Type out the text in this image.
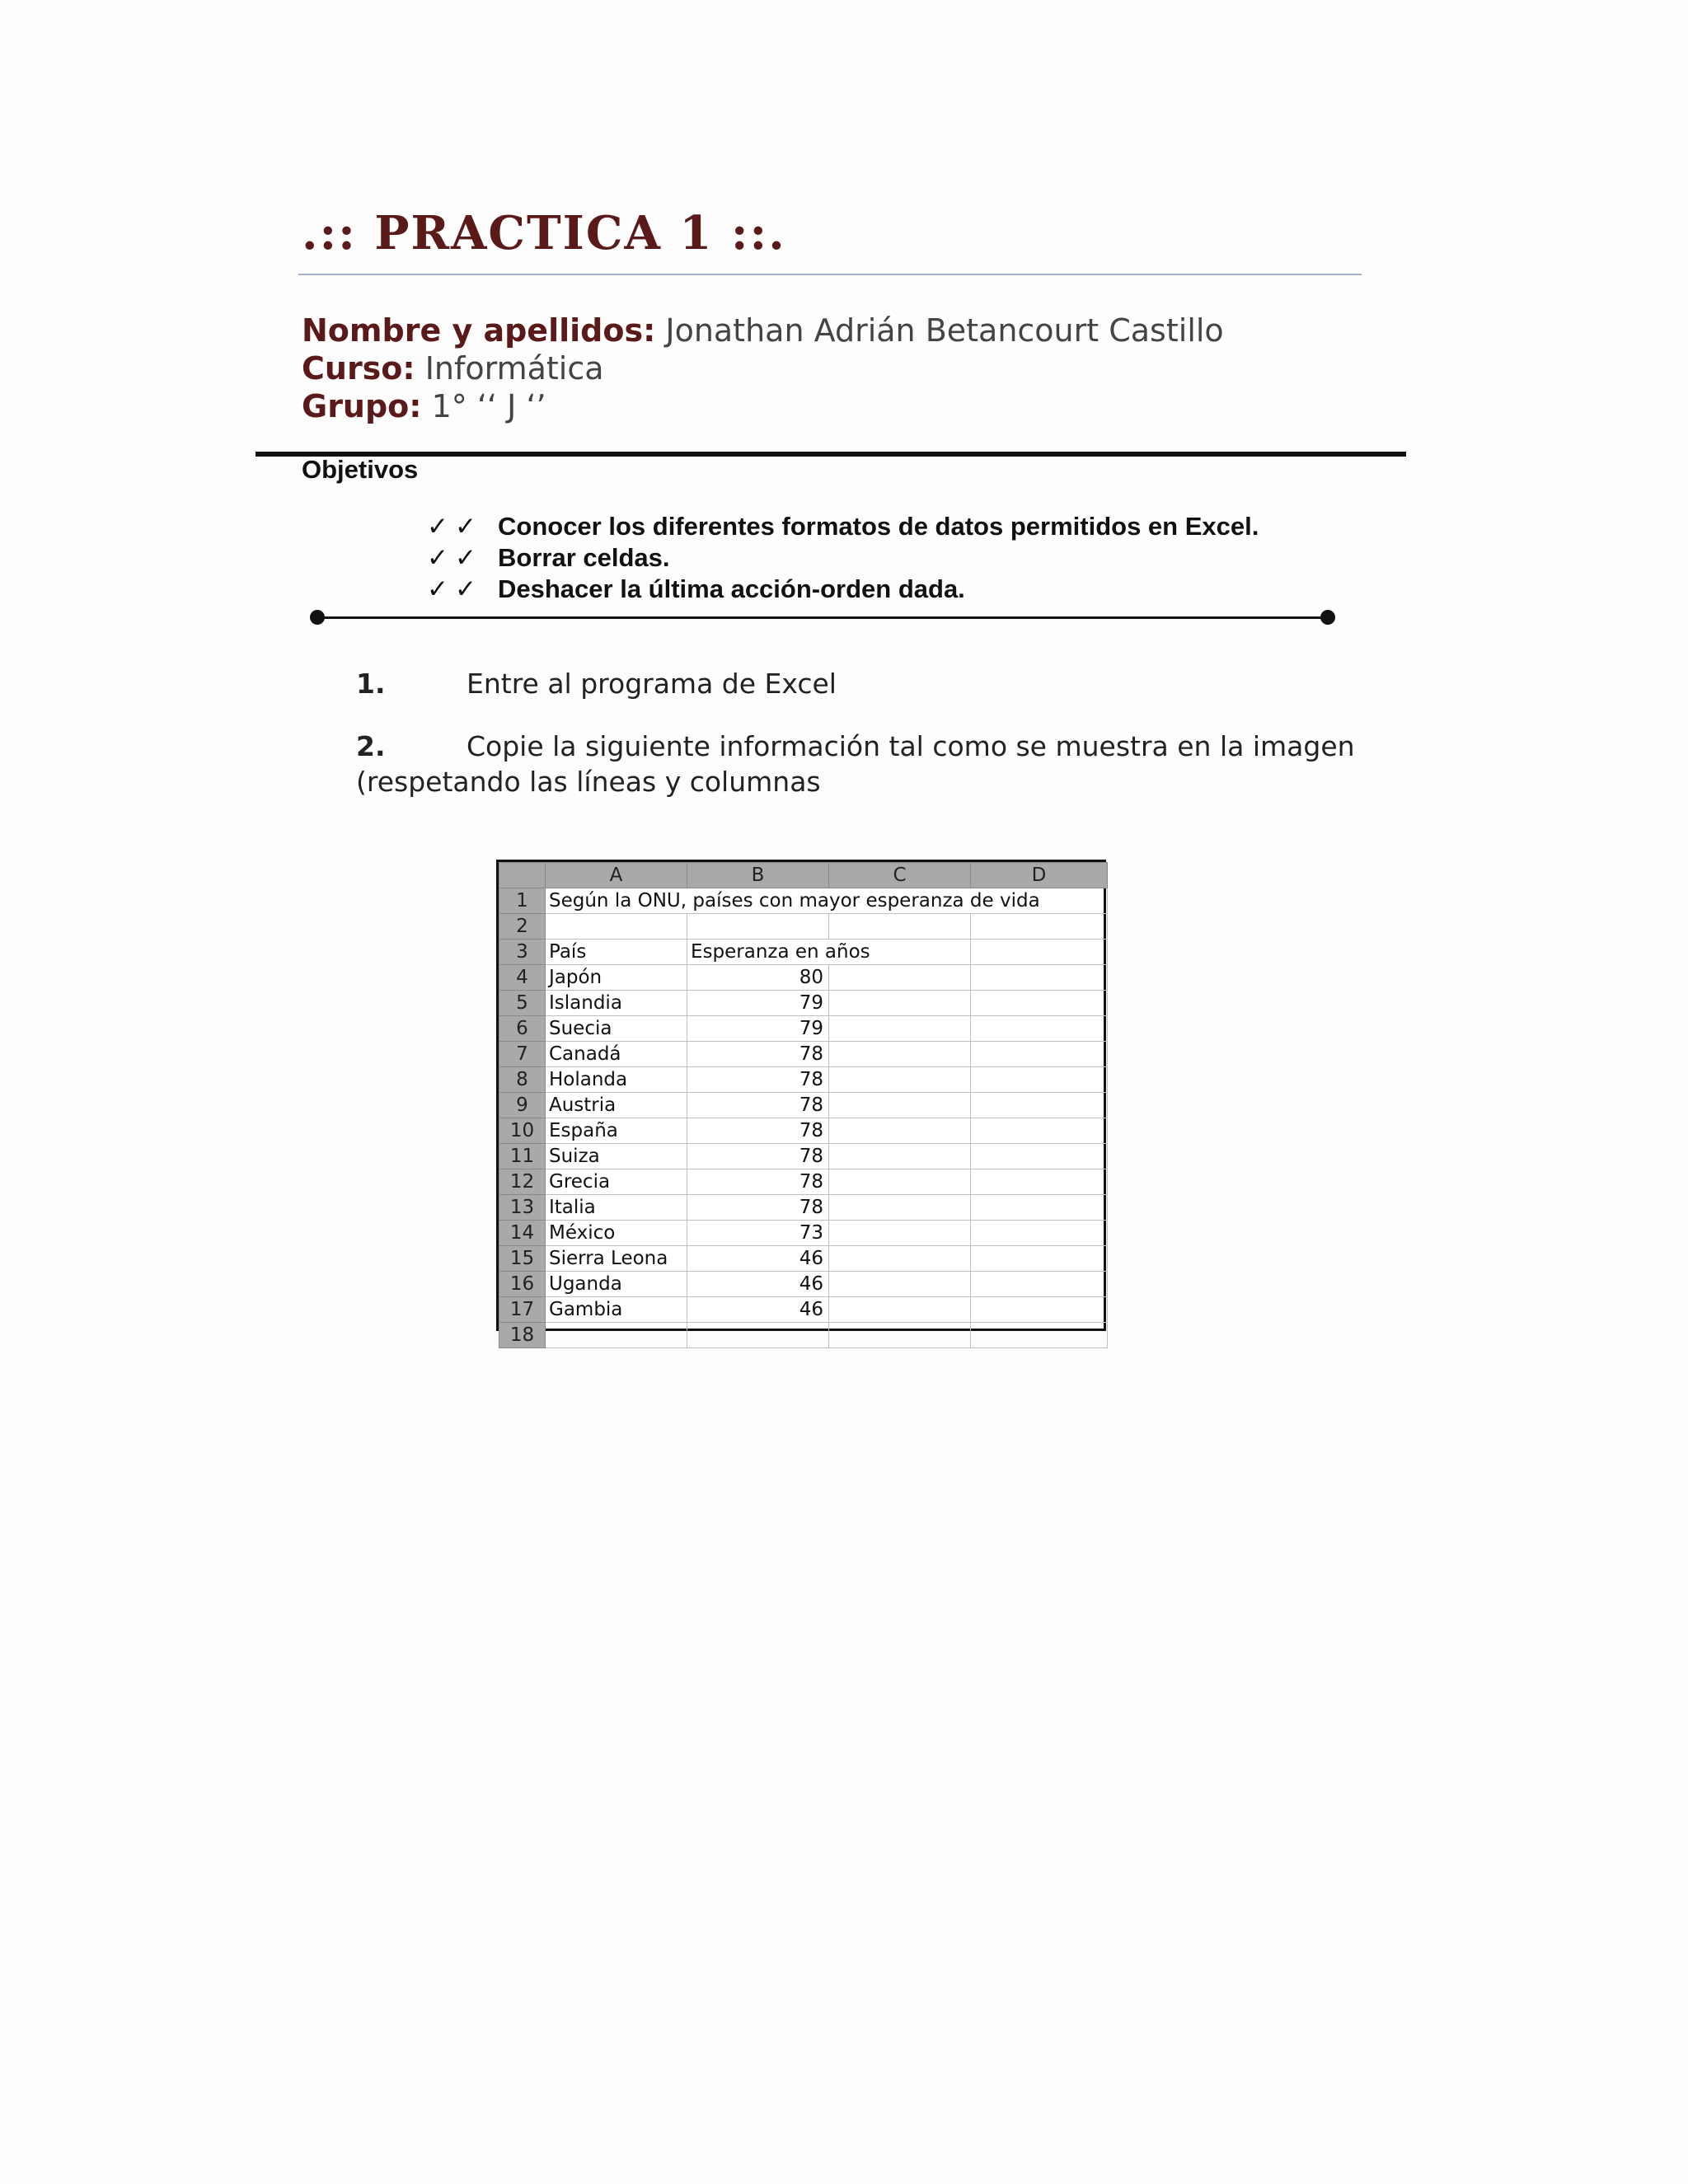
.:: PRACTICA 1 ::.
Nombre y apellidos: Jonathan Adrián Betancourt Castillo
Curso: Informática
Grupo: 1° ‘‘ J ‘’
Objetivos
✓ ✓ Conocer los diferentes formatos de datos permitidos en Excel.
✓ ✓ Borrar celdas.
✓ ✓ Deshacer la última acción-orden dada.
1.	Entre al programa de Excel
2.	Copie la siguiente información tal como se muestra en la imagen
(respetando las líneas y columnas
	A	B	C	D
1	Según la ONU, países con mayor esperanza de vida			
2				
3	País	Esperanza en años		
4	Japón	80		
5	Islandia	79		
6	Suecia	79		
7	Canadá	78		
8	Holanda	78		
9	Austria	78		
10	España	78		
11	Suiza	78		
12	Grecia	78		
13	Italia	78		
14	México	73		
15	Sierra Leona	46		
16	Uganda	46		
17	Gambia	46		
18				
